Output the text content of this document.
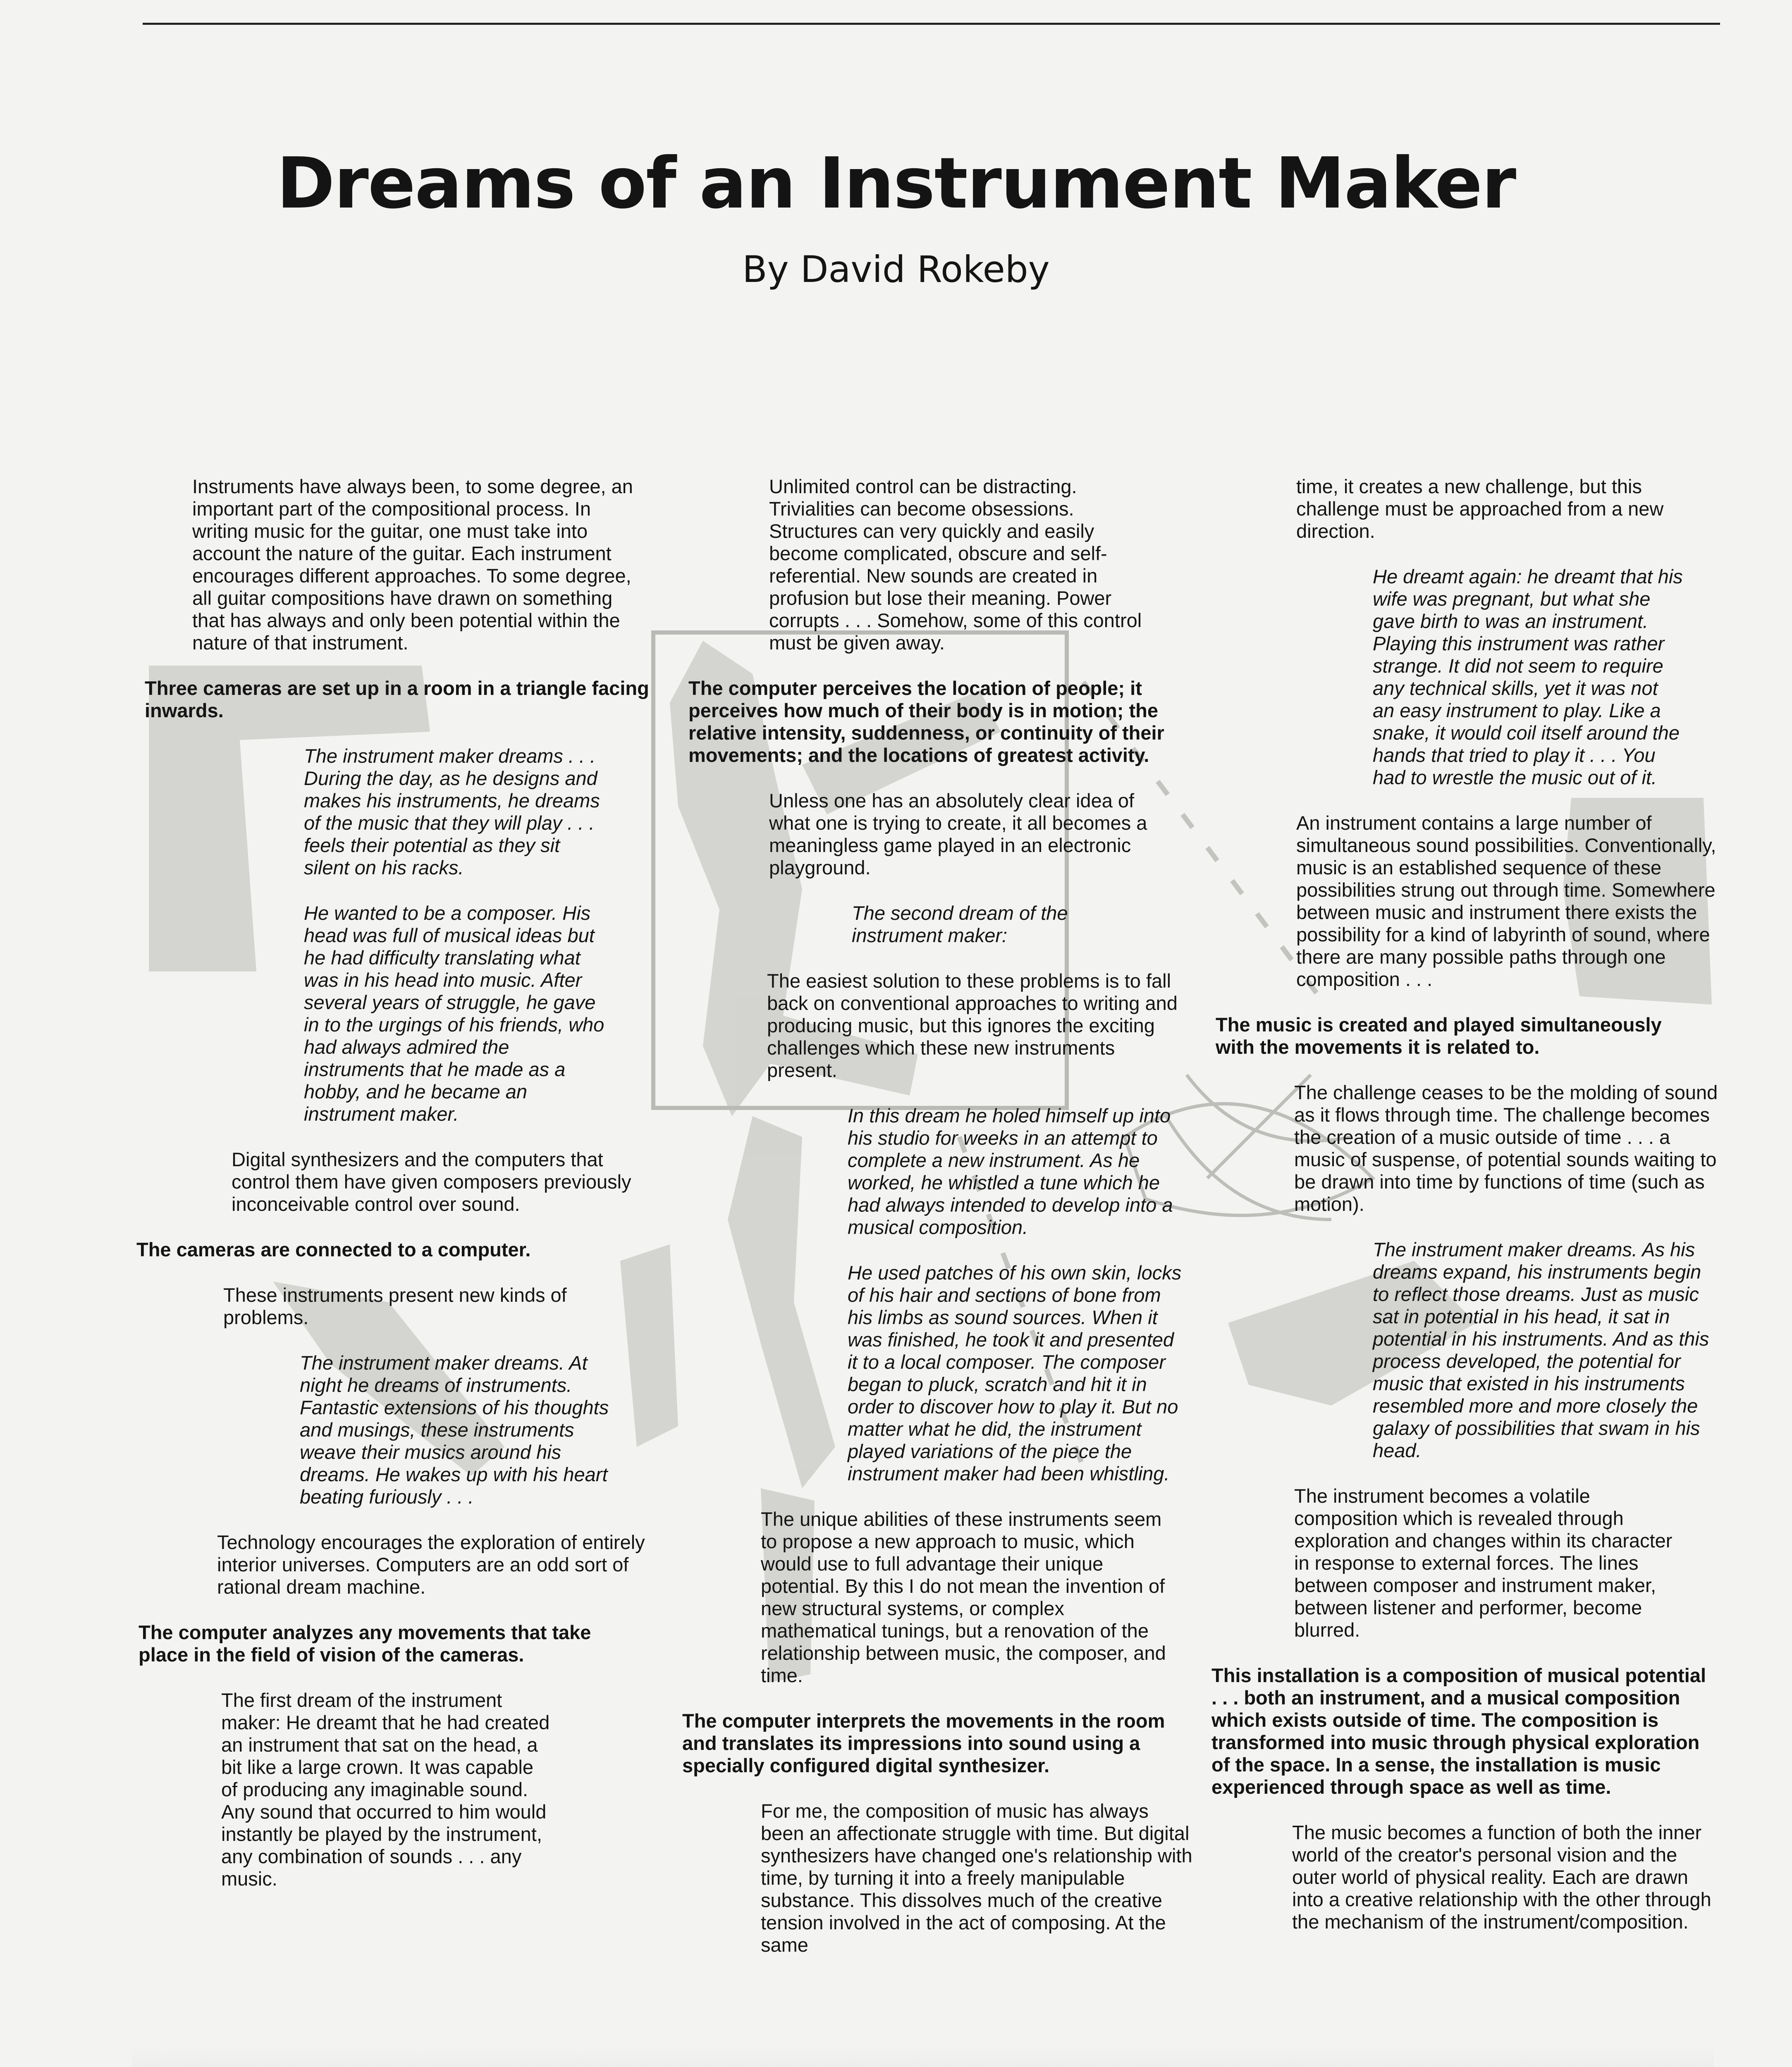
Dreams of an Instrument Maker
By David Rokeby

Instruments have always been, to some degree, an important part of the compositional process. In writing music for the guitar, one must take into account the nature of the guitar. Each instrument encourages different approaches. To some degree, all guitar compositions have drawn on something that has always and only been potential within the nature of that instrument.

Three cameras are set up in a room in a triangle facing inwards.

The instrument maker dreams . . . During the day, as he designs and makes his instruments, he dreams of the music that they will play . . . feels their potential as they sit silent on his racks.

He wanted to be a composer. His head was full of musical ideas but he had difficulty translating what was in his head into music. After several years of struggle, he gave in to the urgings of his friends, who had always admired the instruments that he made as a hobby, and he became an instrument maker.

Digital synthesizers and the computers that control them have given composers previously inconceivable control over sound.

The cameras are connected to a computer.

These instruments present new kinds of problems.

The instrument maker dreams. At night he dreams of instruments. Fantastic extensions of his thoughts and musings, these instruments weave their musics around his dreams. He wakes up with his heart beating furiously . . .

Technology encourages the exploration of entirely interior universes. Computers are an odd sort of rational dream machine.

The computer analyzes any movements that take place in the field of vision of the cameras.

The first dream of the instrument maker: He dreamt that he had created an instrument that sat on the head, a bit like a large crown. It was capable of producing any imaginable sound. Any sound that occurred to him would instantly be played by the instrument, any combination of sounds . . . any music.

Unlimited control can be distracting. Trivialities can become obsessions. Structures can very quickly and easily become complicated, obscure and self-referential. New sounds are created in profusion but lose their meaning. Power corrupts . . . Somehow, some of this control must be given away.

The computer perceives the location of people; it perceives how much of their body is in motion; the relative intensity, suddenness, or continuity of their movements; and the locations of greatest activity.

Unless one has an absolutely clear idea of what one is trying to create, it all becomes a meaningless game played in an electronic playground.

The second dream of the instrument maker:

The easiest solution to these problems is to fall back on conventional approaches to writing and producing music, but this ignores the exciting challenges which these new instruments present.

In this dream he holed himself up into his studio for weeks in an attempt to complete a new instrument. As he worked, he whistled a tune which he had always intended to develop into a musical composition.

He used patches of his own skin, locks of his hair and sections of bone from his limbs as sound sources. When it was finished, he took it and presented it to a local composer. The composer began to pluck, scratch and hit it in order to discover how to play it. But no matter what he did, the instrument played variations of the piece the instrument maker had been whistling.

The unique abilities of these instruments seem to propose a new approach to music, which would use to full advantage their unique potential. By this I do not mean the invention of new structural systems, or complex mathematical tunings, but a renovation of the relationship between music, the composer, and time.

The computer interprets the movements in the room and translates its impressions into sound using a specially configured digital synthesizer.

For me, the composition of music has always been an affectionate struggle with time. But digital synthesizers have changed one's relationship with time, by turning it into a freely manipulable substance. This dissolves much of the creative tension involved in the act of composing. At the same

time, it creates a new challenge, but this challenge must be approached from a new direction.

He dreamt again: he dreamt that his wife was pregnant, but what she gave birth to was an instrument. Playing this instrument was rather strange. It did not seem to require any technical skills, yet it was not an easy instrument to play. Like a snake, it would coil itself around the hands that tried to play it . . . You had to wrestle the music out of it.

An instrument contains a large number of simultaneous sound possibilities. Conventionally, music is an established sequence of these possibilities strung out through time. Somewhere between music and instrument there exists the possibility for a kind of labyrinth of sound, where there are many possible paths through one composition . . .

The music is created and played simultaneously with the movements it is related to.

The challenge ceases to be the molding of sound as it flows through time. The challenge becomes the creation of a music outside of time . . . a music of suspense, of potential sounds waiting to be drawn into time by functions of time (such as motion).

The instrument maker dreams. As his dreams expand, his instruments begin to reflect those dreams. Just as music sat in potential in his head, it sat in potential in his instruments. And as this process developed, the potential for music that existed in his instruments resembled more and more closely the galaxy of possibilities that swam in his head.

The instrument becomes a volatile composition which is revealed through exploration and changes within its character in response to external forces. The lines between composer and instrument maker, between listener and performer, become blurred.

This installation is a composition of musical potential . . . both an instrument, and a musical composition which exists outside of time. The composition is transformed into music through physical exploration of the space. In a sense, the installation is music experienced through space as well as time.

The music becomes a function of both the inner world of the creator's personal vision and the outer world of physical reality. Each are drawn into a creative relationship with the other through the mechanism of the instrument/composition.
